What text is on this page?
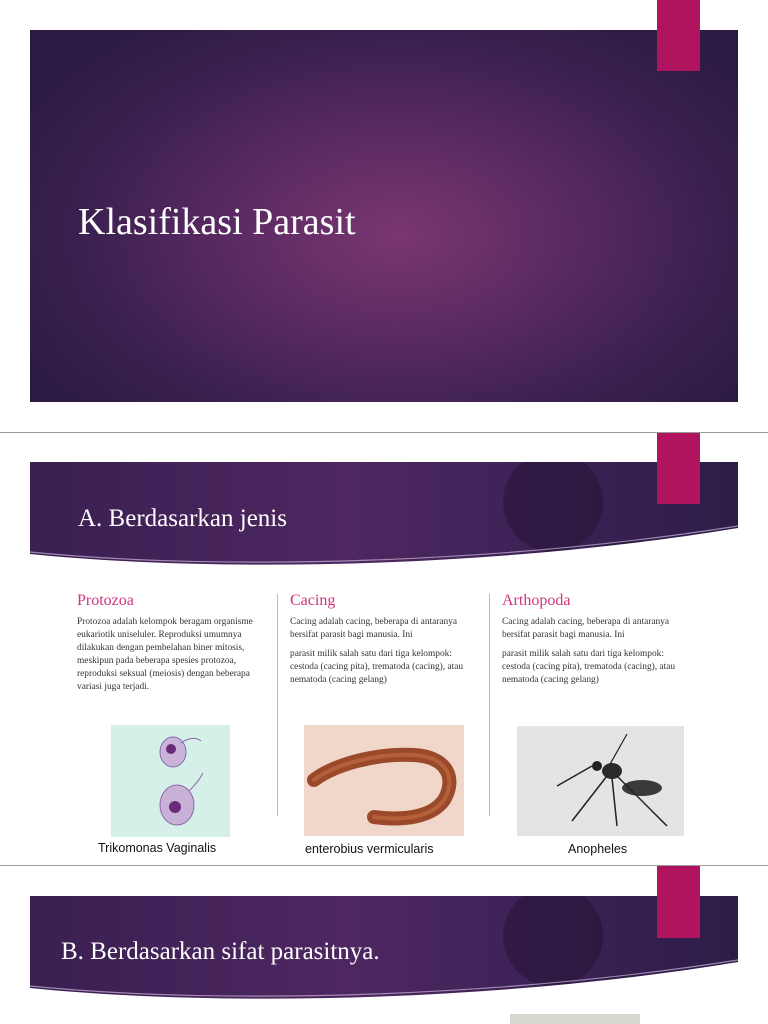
Klasifikasi Parasit
A. Berdasarkan jenis
Protozoa

Protozoa adalah kelompok beragam organisme eukariotik uniseluler. Reproduksi umumnya dilakukan dengan pembelahan biner mitosis, meskipun pada beberapa spesies protozoa, reproduksi seksual (meiosis) dengan beberapa variasi juga terjadi.

Cacing

Cacing adalah cacing, beberapa di antaranya bersifat parasit bagi manusia. Ini

parasit milik salah satu dari tiga kelompok: cestoda (cacing pita), trematoda (cacing), atau nematoda (cacing gelang)

Arthopoda

Cacing adalah cacing, beberapa di antaranya bersifat parasit bagi manusia. Ini

parasit milik salah satu dari tiga kelompok: cestoda (cacing pita), trematoda (cacing), atau nematoda (cacing gelang)

Trikomonas Vaginalis	enterobius vermicularis	Anopheles
B. Berdasarkan sifat parasitnya.
